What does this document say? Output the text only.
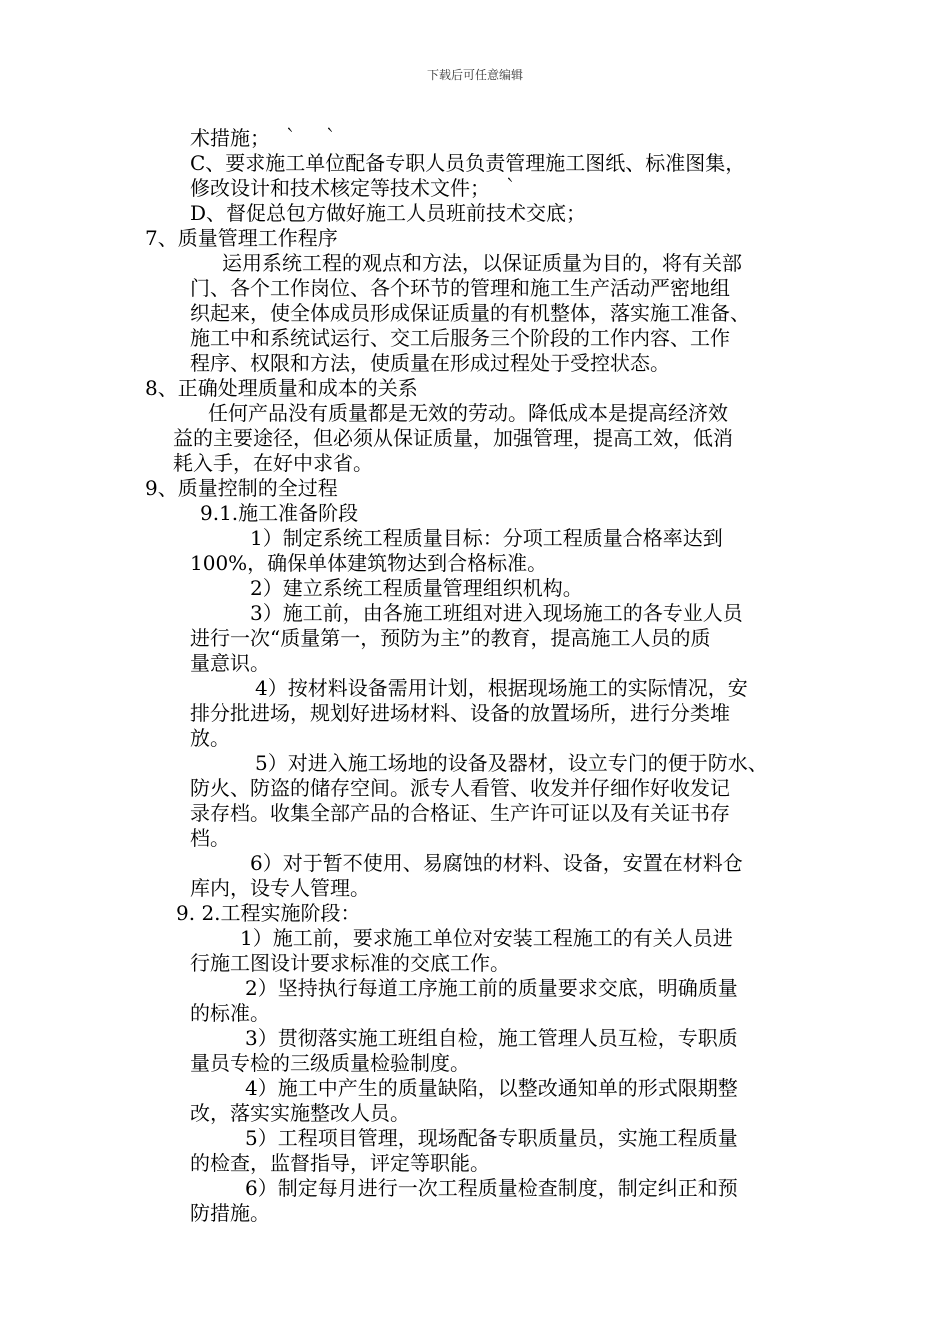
下载后可任意编辑
术措施；　｀　｀
C、要求施工单位配备专职人员负责管理施工图纸、标准图集，
修改设计和技术核定等技术文件；　｀
D、督促总包方做好施工人员班前技术交底；
7、质量管理工作程序
运用系统工程的观点和方法，以保证质量为目的，将有关部
门、各个工作岗位、各个环节的管理和施工生产活动严密地组
织起来，使全体成员形成保证质量的有机整体，落实施工准备、
施工中和系统试运行、交工后服务三个阶段的工作内容、工作
程序、权限和方法，使质量在形成过程处于受控状态。
8、正确处理质量和成本的关系
任何产品没有质量都是无效的劳动。降低成本是提高经济效
益的主要途径，但必须从保证质量，加强管理，提高工效，低消
耗入手，在好中求省。
9、质量控制的全过程
9.1.施工准备阶段
1）制定系统工程质量目标：分项工程质量合格率达到
100%，确保单体建筑物达到合格标准。
2）建立系统工程质量管理组织机构。
3）施工前，由各施工班组对进入现场施工的各专业人员
进行一次“质量第一，预防为主”的教育，提高施工人员的质
量意识。
4）按材料设备需用计划，根据现场施工的实际情况，安
排分批进场，规划好进场材料、设备的放置场所，进行分类堆
放。
5）对进入施工场地的设备及器材，设立专门的便于防水、
防火、防盗的储存空间。派专人看管、收发并仔细作好收发记
录存档。收集全部产品的合格证、生产许可证以及有关证书存
档。
6）对于暂不使用、易腐蚀的材料、设备，安置在材料仓
库内，设专人管理。
9. 2.工程实施阶段：
1）施工前，要求施工单位对安装工程施工的有关人员进
行施工图设计要求标准的交底工作。
2）坚持执行每道工序施工前的质量要求交底，明确质量
的标准。
3）贯彻落实施工班组自检，施工管理人员互检，专职质
量员专检的三级质量检验制度。
4）施工中产生的质量缺陷，以整改通知单的形式限期整
改，落实实施整改人员。
5）工程项目管理，现场配备专职质量员，实施工程质量
的检查，监督指导，评定等职能。
6）制定每月进行一次工程质量检查制度，制定纠正和预
防措施。
